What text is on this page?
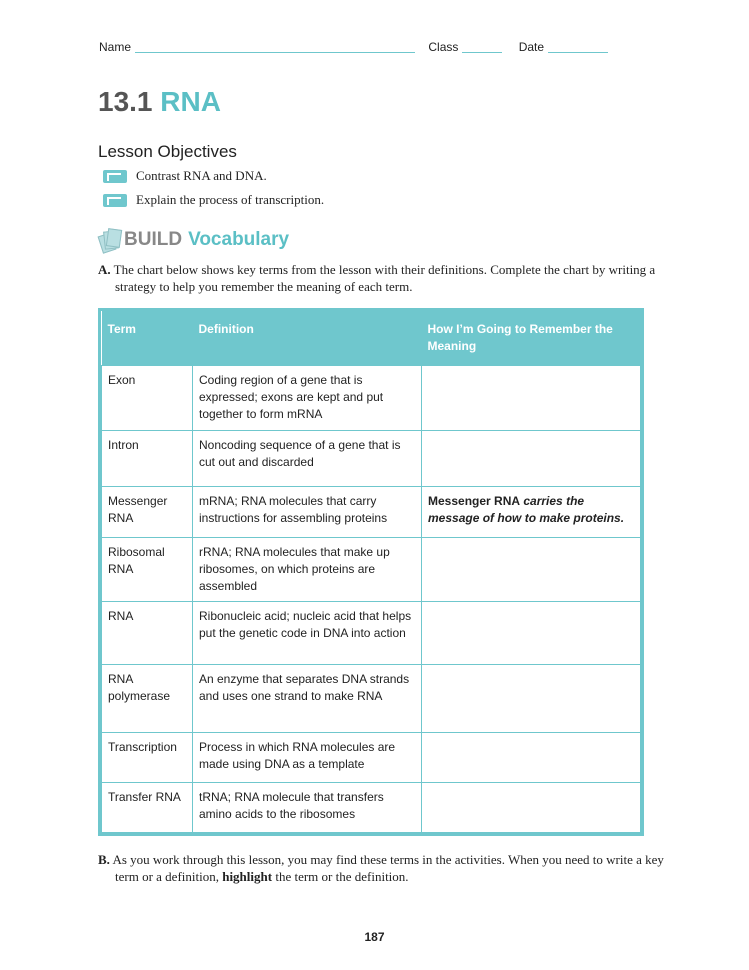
Name	Class	Date
13.1 RNA
Lesson Objectives
Contrast RNA and DNA.
Explain the process of transcription.
BUILD Vocabulary
A. The chart below shows key terms from the lesson with their definitions. Complete the chart by writing a strategy to help you remember the meaning of each term.
Term	Definition	How I’m Going to Remember the Meaning
Exon	Coding region of a gene that is expressed; exons are kept and put together to form mRNA	
Intron	Noncoding sequence of a gene that is cut out and discarded	
Messenger RNA	mRNA; RNA molecules that carry instructions for assembling proteins	Messenger RNA carries the message of how to make proteins.
Ribosomal RNA	rRNA; RNA molecules that make up ribosomes, on which proteins are assembled	
RNA	Ribonucleic acid; nucleic acid that helps put the genetic code in DNA into action	
RNA polymerase	An enzyme that separates DNA strands and uses one strand to make RNA	
Transcription	Process in which RNA molecules are made using DNA as a template	
Transfer RNA	tRNA; RNA molecule that transfers amino acids to the ribosomes	
B. As you work through this lesson, you may find these terms in the activities. When you need to write a key term or a definition, highlight the term or the definition.
187
